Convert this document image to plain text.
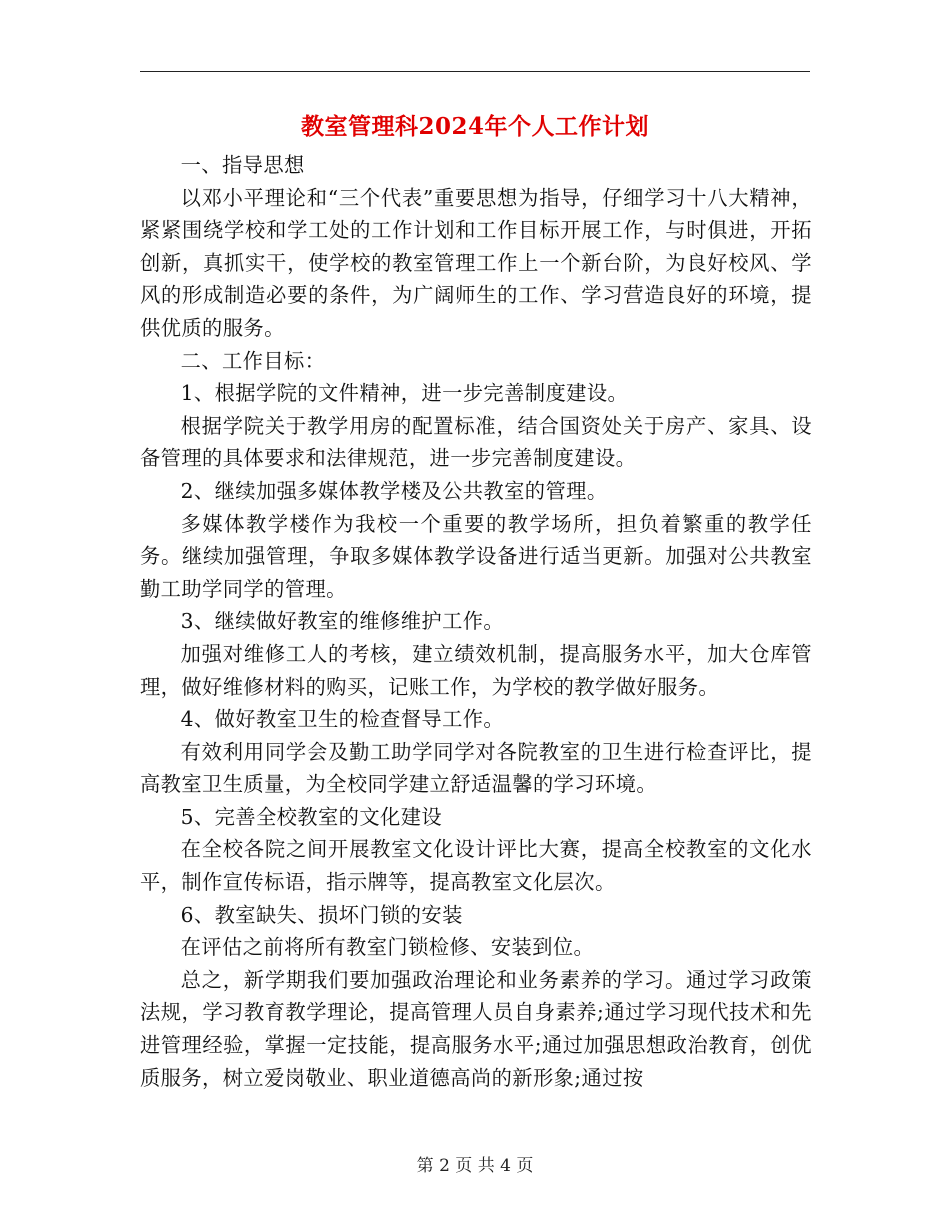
教室管理科2024年个人工作计划

一、指导思想

以邓小平理论和“三个代表”重要思想为指导，仔细学习十八大精神，紧紧围绕学校和学工处的工作计划和工作目标开展工作，与时俱进，开拓创新，真抓实干，使学校的教室管理工作上一个新台阶，为良好校风、学风的形成制造必要的条件，为广阔师生的工作、学习营造良好的环境，提供优质的服务。

二、工作目标：

1、根据学院的文件精神，进一步完善制度建设。

根据学院关于教学用房的配置标准，结合国资处关于房产、家具、设备管理的具体要求和法律规范，进一步完善制度建设。

2、继续加强多媒体教学楼及公共教室的管理。

多媒体教学楼作为我校一个重要的教学场所，担负着繁重的教学任务。继续加强管理，争取多媒体教学设备进行适当更新。加强对公共教室勤工助学同学的管理。

3、继续做好教室的维修维护工作。

加强对维修工人的考核，建立绩效机制，提高服务水平，加大仓库管理，做好维修材料的购买，记账工作，为学校的教学做好服务。

4、做好教室卫生的检查督导工作。

有效利用同学会及勤工助学同学对各院教室的卫生进行检查评比，提高教室卫生质量，为全校同学建立舒适温馨的学习环境。

5、完善全校教室的文化建设

在全校各院之间开展教室文化设计评比大赛，提高全校教室的文化水平，制作宣传标语，指示牌等，提高教室文化层次。

6、教室缺失、损坏门锁的安装

在评估之前将所有教室门锁检修、安装到位。

总之，新学期我们要加强政治理论和业务素养的学习。通过学习政策法规，学习教育教学理论，提高管理人员自身素养;通过学习现代技术和先进管理经验，掌握一定技能，提高服务水平;通过加强思想政治教育，创优质服务，树立爱岗敬业、职业道德高尚的新形象;通过按

第 2 页 共 4 页
